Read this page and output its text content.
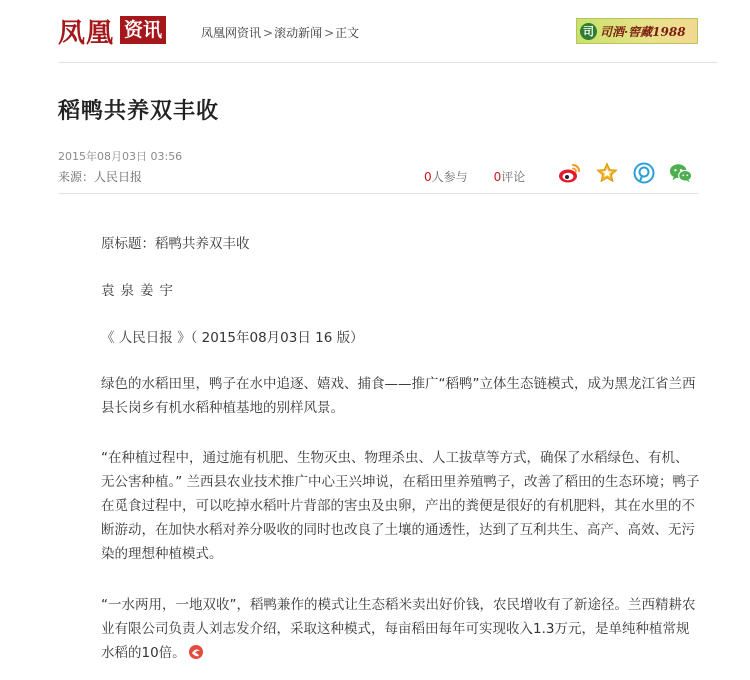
凤凰 资讯	凤凰网资讯 > 滚动新闻 > 正文	司 司酒·窖藏1988
稻鸭共养双丰收
2015年08月03日 03:56
来源：人民日报	0人参与 0评论

原标题：稻鸭共养双丰收

袁泉姜宇

《 人民日报 》（ 2015年08月03日 16 版）

绿色的水稻田里，鸭子在水中追逐、嬉戏、捕食——推广“稻鸭”立体生态链模式，成为黑龙江省兰西县长岗乡有机水稻种植基地的别样风景。

“在种植过程中，通过施有机肥、生物灭虫、物理杀虫、人工拔草等方式，确保了水稻绿色、有机、无公害种植。” 兰西县农业技术推广中心王兴坤说，在稻田里养殖鸭子，改善了稻田的生态环境；鸭子在觅食过程中，可以吃掉水稻叶片背部的害虫及虫卵，产出的粪便是很好的有机肥料，其在水里的不断游动，在加快水稻对养分吸收的同时也改良了土壤的通透性，达到了互利共生、高产、高效、无污染的理想种植模式。

“一水两用，一地双收”，稻鸭兼作的模式让生态稻米卖出好价钱，农民增收有了新途径。兰西精耕农业有限公司负责人刘志发介绍，采取这种模式，每亩稻田每年可实现收入1.3万元，是单纯种植常规水稻的10倍。
